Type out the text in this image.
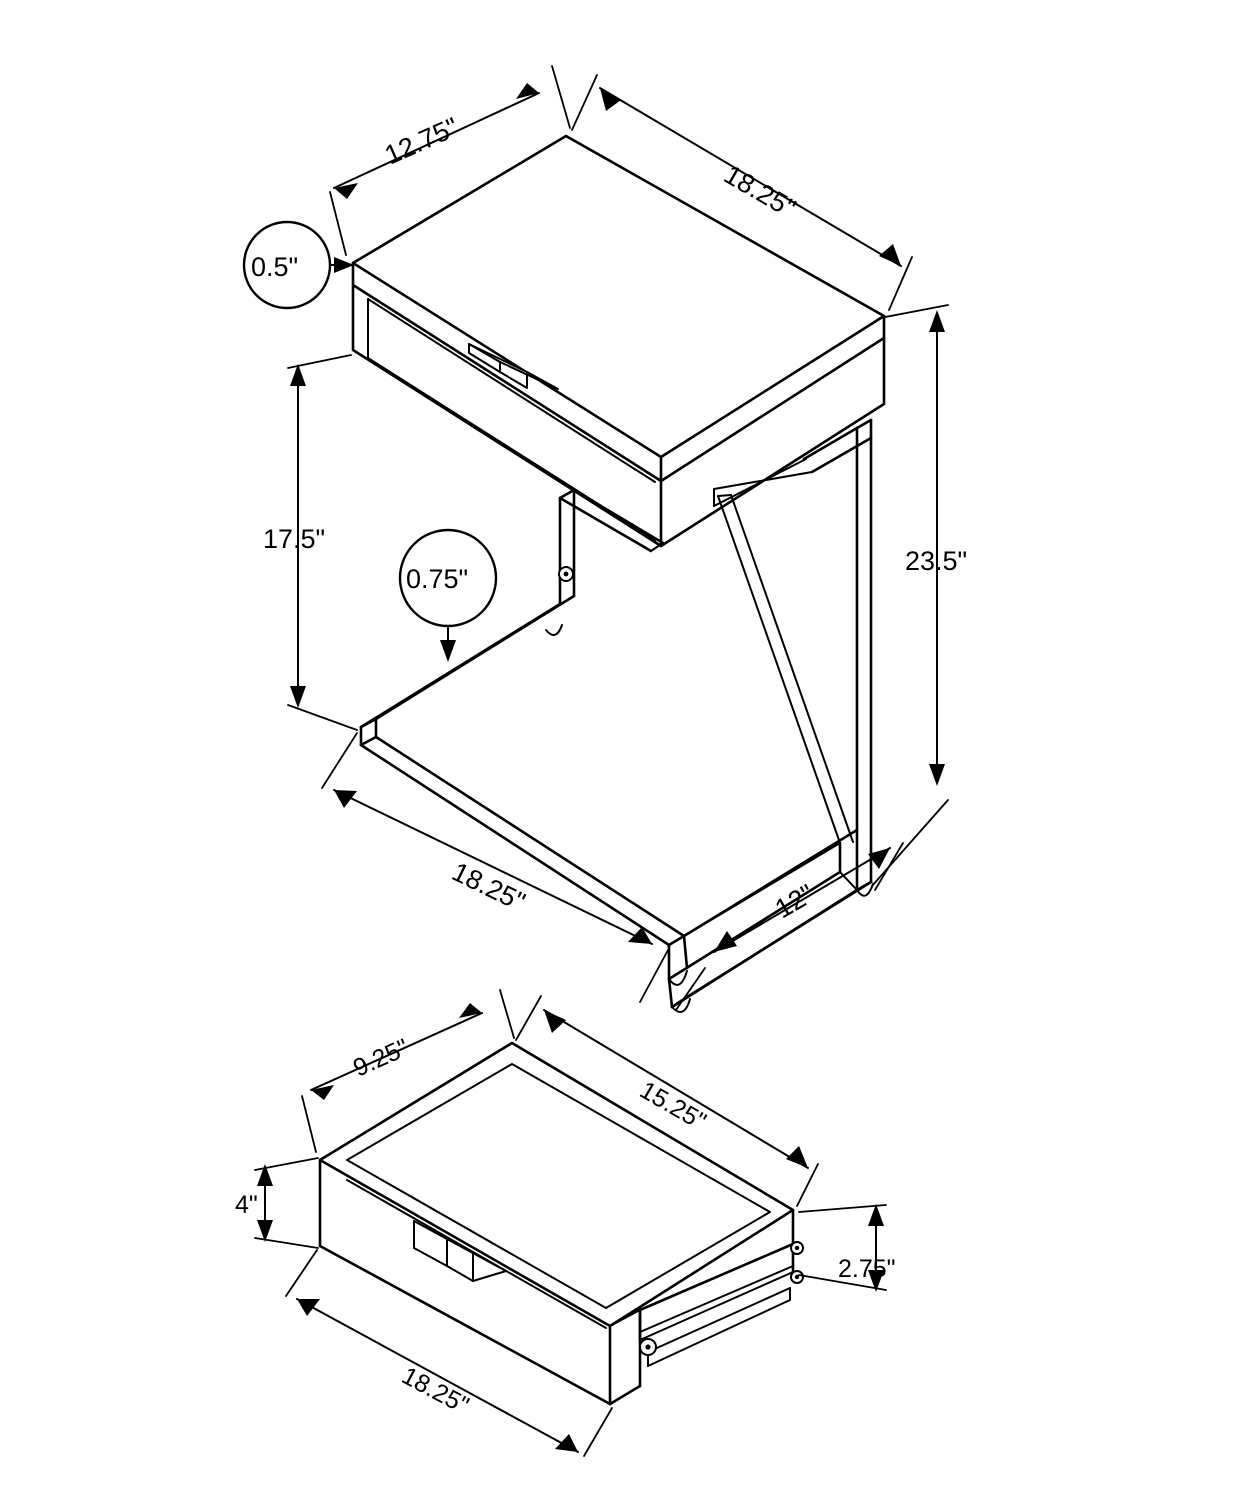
12.75"
18.25"
0.5"
17.5"
0.75"
23.5"
18.25"	12"
9.25"
15.25"
4"
2.75"
18.25"
